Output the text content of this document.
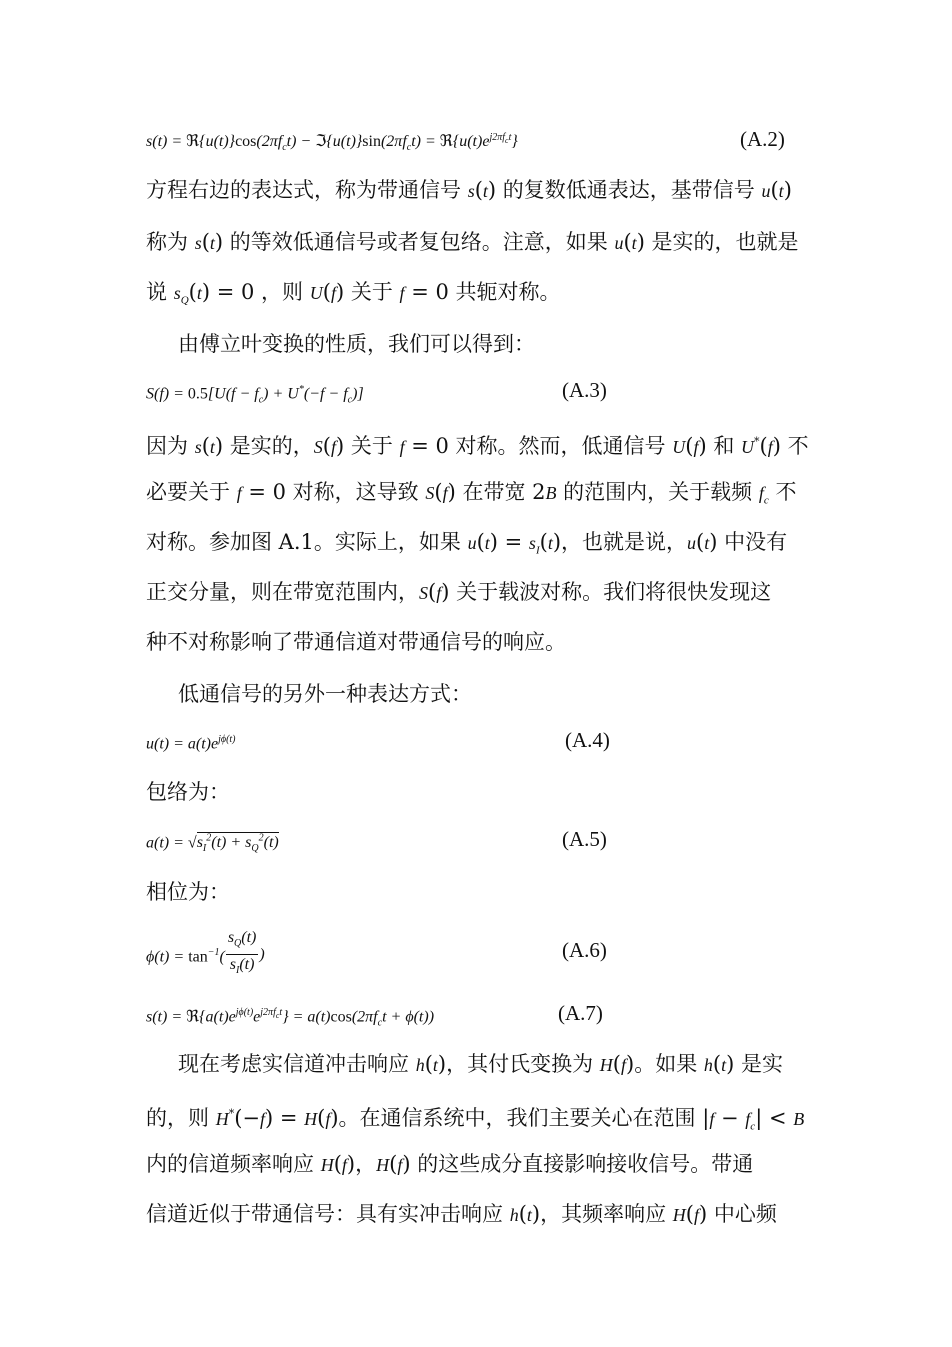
$s(t) = ℜ\{u(t)\}\cos(2\pi f_ct)$ − $ℑ\{u(t)\}\sin(2\pi f_ct)$ = $ℜ\{u(t)e^{j2\pi f_ct}\}$	(A.2)
方程右边的表达式，称为带通信号 s(t) 的复数低通表达，基带信号 u(t)
称为 s(t) 的等效低通信号或者复包络。注意，如果 u(t) 是实的，也就是
说 $s_Q(t) = 0$ ，则 U(f) 关于 f = 0 共轭对称。
由傅立叶变换的性质，我们可以得到：
$S(f) = 0.5[U(f - f_c) + U^*(-f - f_c)]$	(A.3)
因为 s(t) 是实的，S(f) 关于 f = 0 对称。然而，低通信号 U(f) 和 U*(f) 不
必要关于 f = 0 对称，这导致 S(f) 在带宽 2B 的范围内，关于载频 $f_c$ 不
对称。参加图 A.1。实际上，如果 $u(t) = s_I(t)$，也就是说，u(t) 中没有
正交分量，则在带宽范围内，S(f) 关于载波对称。我们将很快发现这
种不对称影响了带通信道对带通信号的响应。
低通信号的另外一种表达方式：
$u(t) = a(t)e^{j\phi(t)}$	(A.4)
包络为：
$a(t) = √s_I^2(t) + s_Q^2(t)$	(A.5)
相位为：
$\phi(t) = \tan^{-1}( \frac{s_Q(t)}{s_I(t)}$ )	(A.6)
$s(t) = ℜ\{a(t)e^{j\phi(t)}e^{j2\pi f_ct}\} = a(t)\cos(2\pi f_ct + \phi(t))$	(A.7)
现在考虑实信道冲击响应 h(t)，其付氏变换为 H(f)。如果 h(t) 是实
的，则 H*(−f) = H(f)。在通信系统中，我们主要关心在范围 $|f - f_c| < B$
内的信道频率响应 H(f)，H(f) 的这些成分直接影响接收信号。带通
信道近似于带通信号：具有实冲击响应 h(t)，其频率响应 H(f) 中心频
